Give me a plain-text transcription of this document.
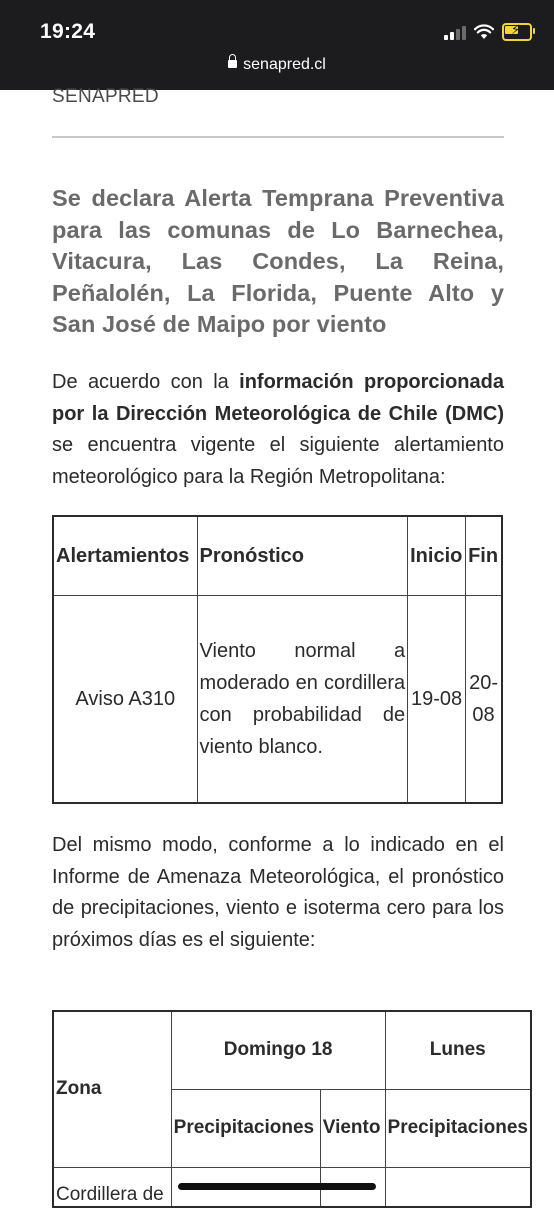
19:24	⚡
senapred.cl
SENAPRED
Se declara Alerta Temprana Preventiva para las comunas de Lo Barnechea, Vitacura, Las Condes, La Reina, Peñalolén, La Florida, Puente Alto y San José de Maipo por viento
De acuerdo con la información proporcionada por la Dirección Meteorológica de Chile (DMC) se encuentra vigente el siguiente alertamiento meteorológico para la Región Metropolitana:
Alertamientos	Pronóstico	Inicio	Fin
Aviso A310	Viento normal a moderado en cordillera con probabilidad de viento blanco.	19-08	20-08
Del mismo modo, conforme a lo indicado en el Informe de Amenaza Meteorológica, el pronóstico de precipitaciones, viento e isoterma cero para los próximos días es el siguiente:
Zona	Domingo 18		Lunes
	Precipitaciones	Viento	Precipitaciones
Cordillera de			
